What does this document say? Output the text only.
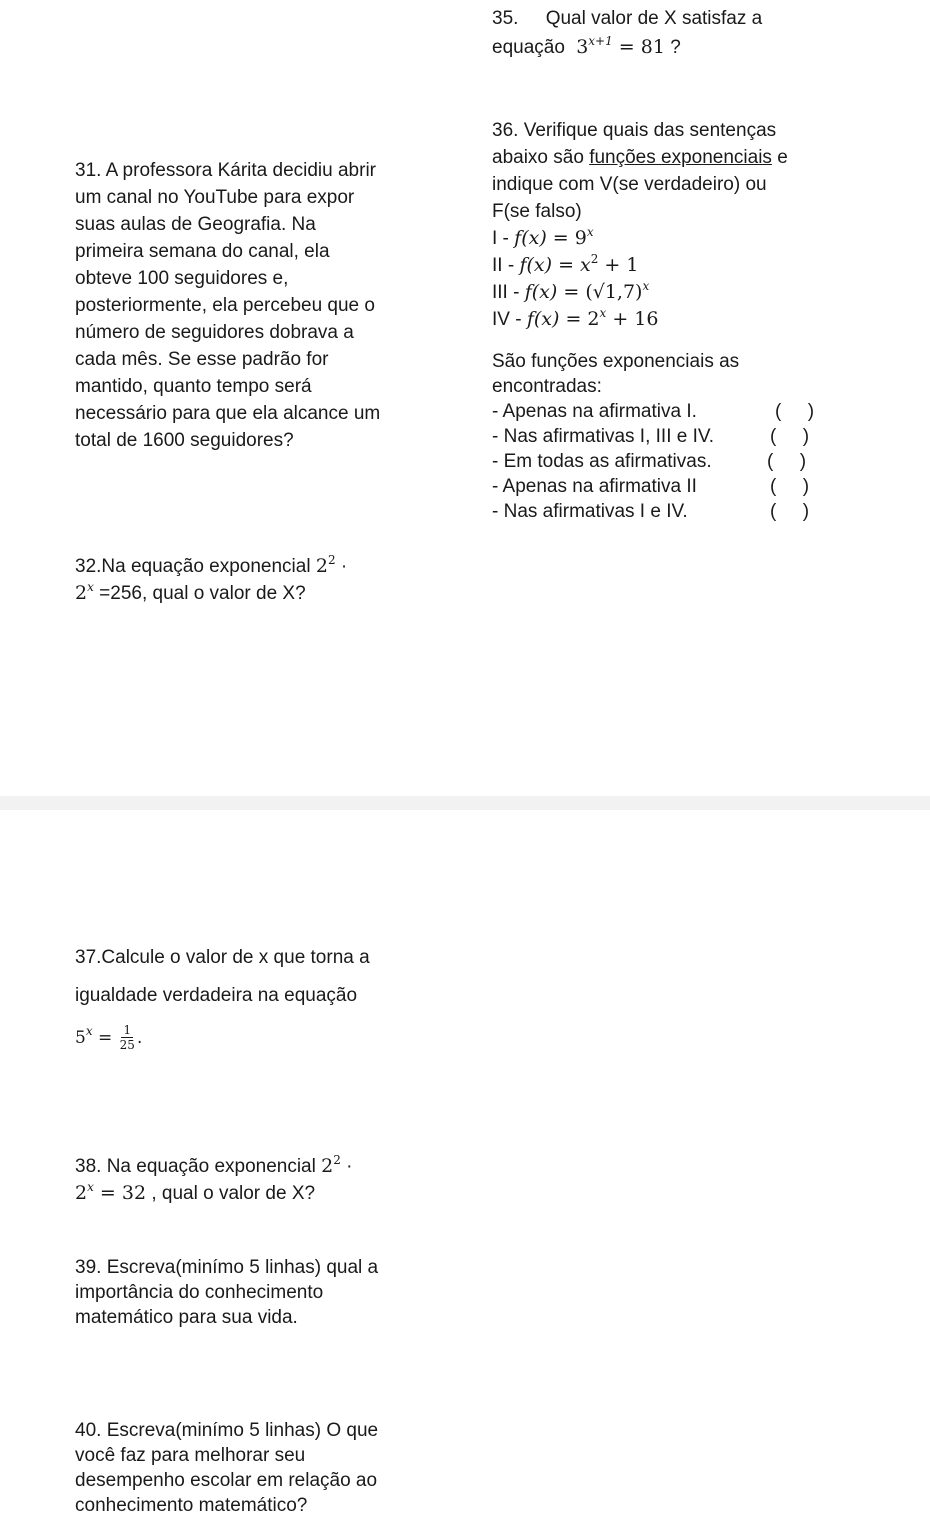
35. Qual valor de X satisfaz a
equação $3^{x+1} = 81$ ?
36. Verifique quais das sentenças
abaixo são funções exponenciais e
indique com V(se verdadeiro) ou
F(se falso)
$I - f(x) = 9^x$
II - $f(x) = x^2 + 1$
III - $f(x) = (√1,7)^x$
IV - $f(x) = 2^x + 16$
São funções exponenciais as
encontradas:
- Apenas na afirmativa I.	(     )
- Nas afirmativas I, III e IV.	(     )
- Em todas as afirmativas.	(     )
- Apenas na afirmativa II	(     )
- Nas afirmativas I e IV.	(     )
31. A professora Kárita decidiu abrir
um canal no YouTube para expor
suas aulas de Geografia. Na
primeira semana do canal, ela
obteve 100 seguidores e,
posteriormente, ela percebeu que o
número de seguidores dobrava a
cada mês. Se esse padrão for
mantido, quanto tempo será
necessário para que ela alcance um
total de 1600 seguidores?
32.Na equação exponencial $2^2$ ·
$2^x =256$, qual o valor de X?
37.Calcule o valor de x que torna a
igualdade verdadeira na equação
$5^x = \frac{1}{25}$ .
38. Na equação exponencial $2^2$ ·
$2^x = 32$ , qual o valor de X?
39. Escreva(minímo 5 linhas) qual a
importância do conhecimento
matemático para sua vida.
40. Escreva(minímo 5 linhas) O que
você faz para melhorar seu
desempenho escolar em relação ao
conhecimento matemático?
